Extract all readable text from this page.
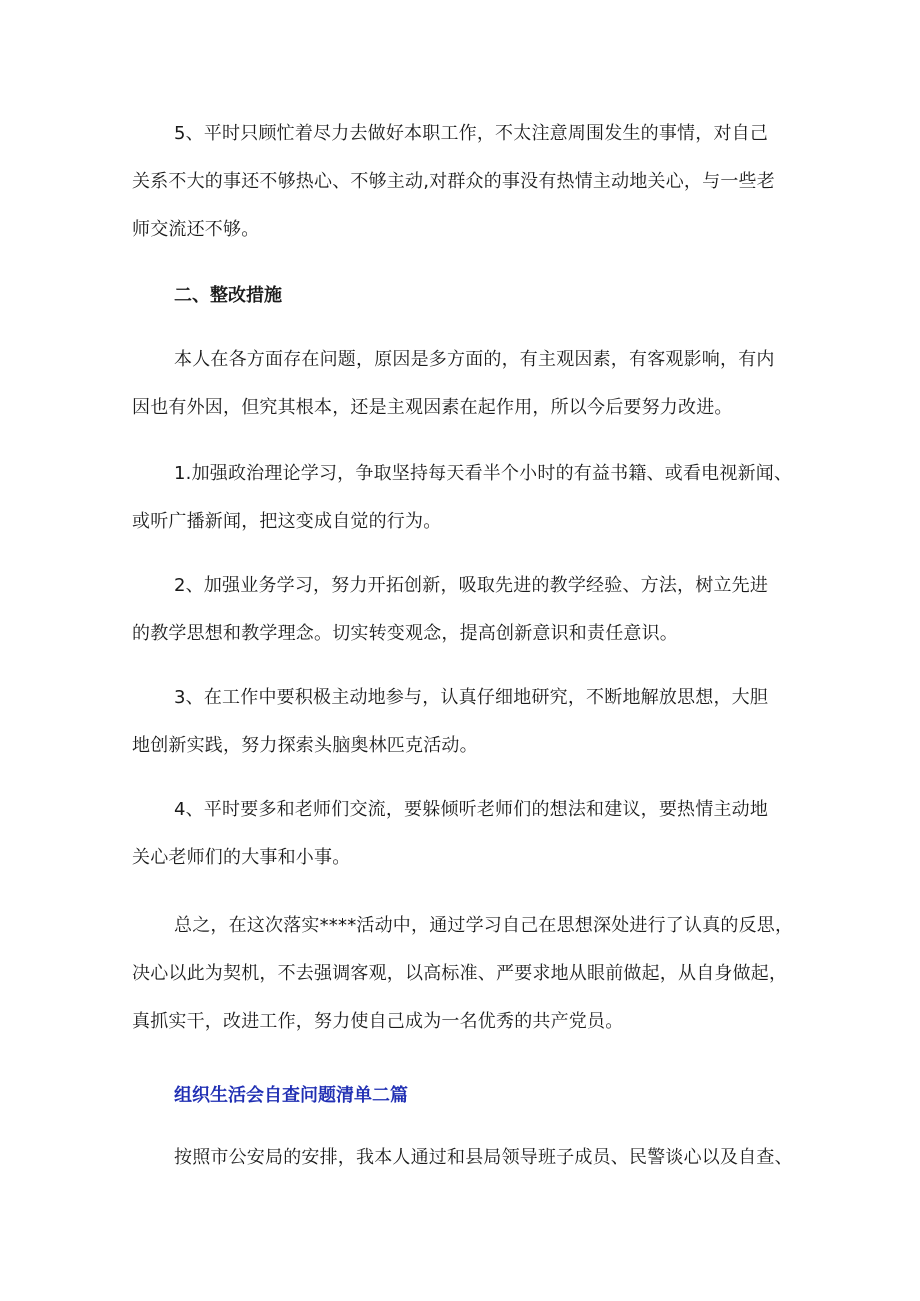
5、平时只顾忙着尽力去做好本职工作，不太注意周围发生的事情，对自己
关系不大的事还不够热心、不够主动,对群众的事没有热情主动地关心，与一些老
师交流还不够。

二、整改措施

本人在各方面存在问题，原因是多方面的，有主观因素，有客观影响，有内
因也有外因，但究其根本，还是主观因素在起作用，所以今后要努力改进。

1.加强政治理论学习，争取坚持每天看半个小时的有益书籍、或看电视新闻、
或听广播新闻，把这变成自觉的行为。

2、加强业务学习，努力开拓创新，吸取先进的教学经验、方法，树立先进
的教学思想和教学理念。切实转变观念，提高创新意识和责任意识。

3、在工作中要积极主动地参与，认真仔细地研究，不断地解放思想，大胆
地创新实践，努力探索头脑奥林匹克活动。

4、平时要多和老师们交流，要躲倾听老师们的想法和建议，要热情主动地
关心老师们的大事和小事。

总之，在这次落实****活动中，通过学习自己在思想深处进行了认真的反思，
决心以此为契机，不去强调客观，以高标准、严要求地从眼前做起，从自身做起，
真抓实干，改进工作，努力使自己成为一名优秀的共产党员。

组织生活会自查问题清单二篇

按照市公安局的安排，我本人通过和县局领导班子成员、民警谈心以及自查、
